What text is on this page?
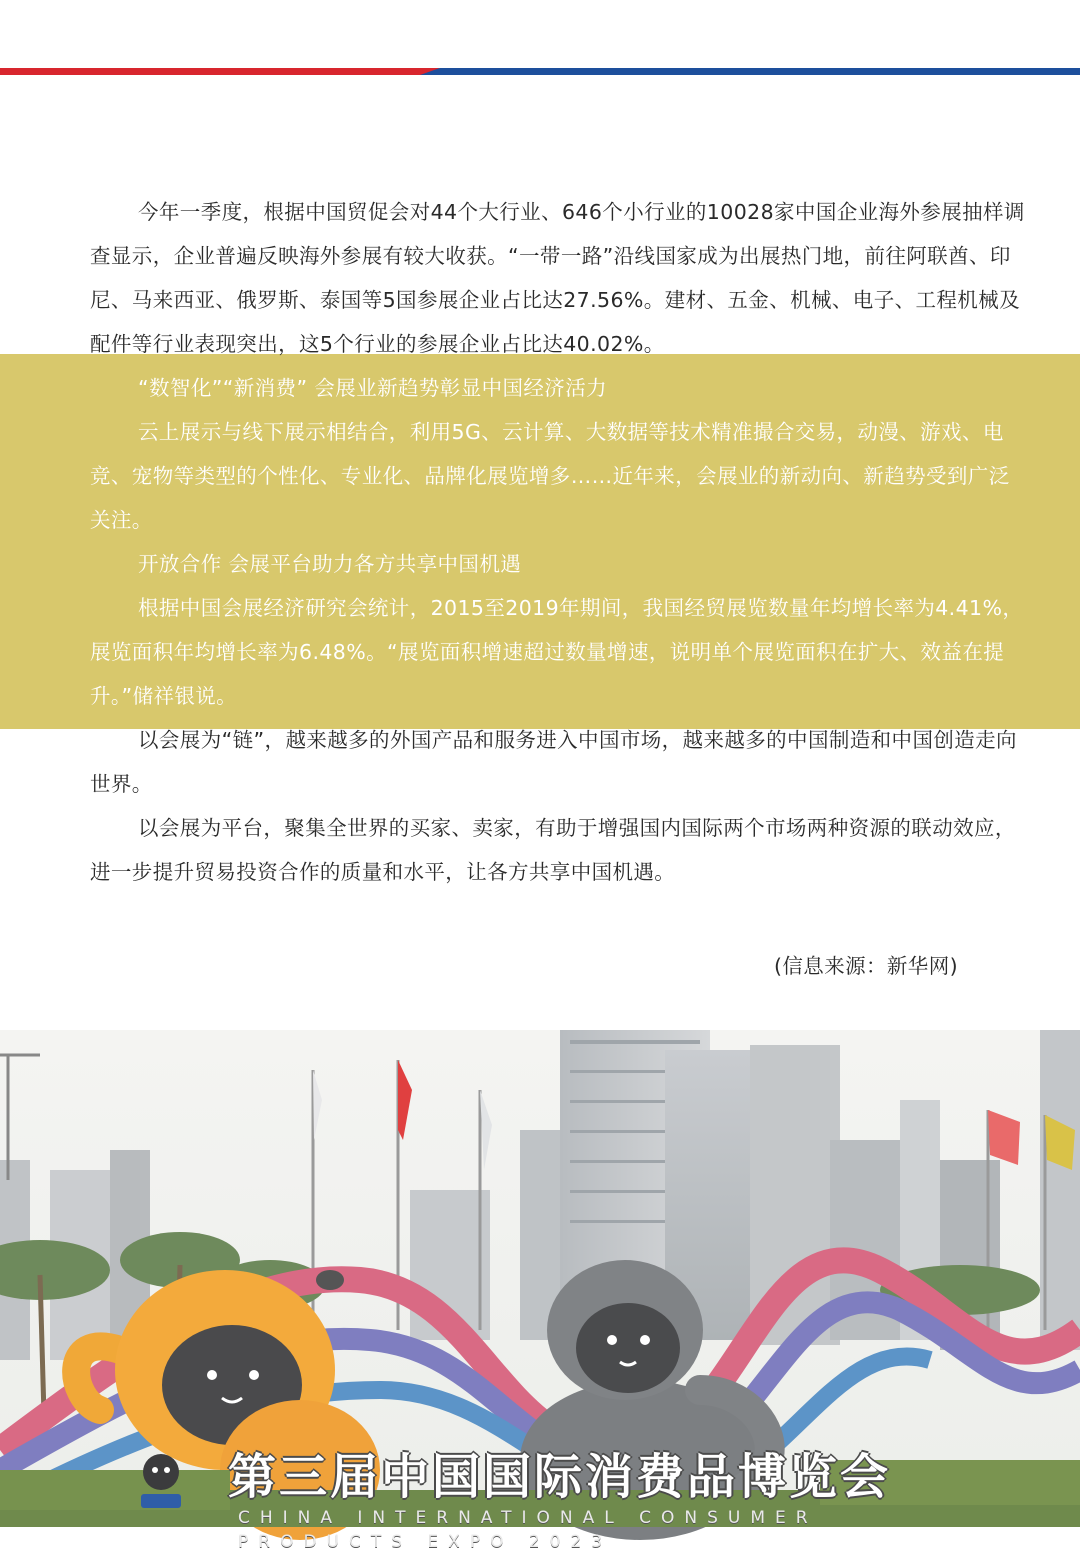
今年一季度，根据中国贸促会对44个大行业、646个小行业的10028家中国企业海外参展抽样调查显示，企业普遍反映海外参展有较大收获。“一带一路”沿线国家成为出展热门地，前往阿联酋、印尼、马来西亚、俄罗斯、泰国等5国参展企业占比达27.56%。建材、五金、机械、电子、工程机械及配件等行业表现突出，这5个行业的参展企业占比达40.02%。

“数智化”“新消费” 会展业新趋势彰显中国经济活力

云上展示与线下展示相结合，利用5G、云计算、大数据等技术精准撮合交易，动漫、游戏、电竞、宠物等类型的个性化、专业化、品牌化展览增多……近年来，会展业的新动向、新趋势受到广泛关注。

开放合作 会展平台助力各方共享中国机遇

根据中国会展经济研究会统计，2015至2019年期间，我国经贸展览数量年均增长率为4.41%，展览面积年均增长率为6.48%。“展览面积增速超过数量增速，说明单个展览面积在扩大、效益在提升。”储祥银说。

以会展为“链”，越来越多的外国产品和服务进入中国市场，越来越多的中国制造和中国创造走向世界。

以会展为平台，聚集全世界的买家、卖家，有助于增强国内国际两个市场两种资源的联动效应，进一步提升贸易投资合作的质量和水平，让各方共享中国机遇。

(信息来源：新华网)
第三届中国国际消费品博览会
CHINA INTERNATIONAL CONSUMER PRODUCTS EXPO 2023
